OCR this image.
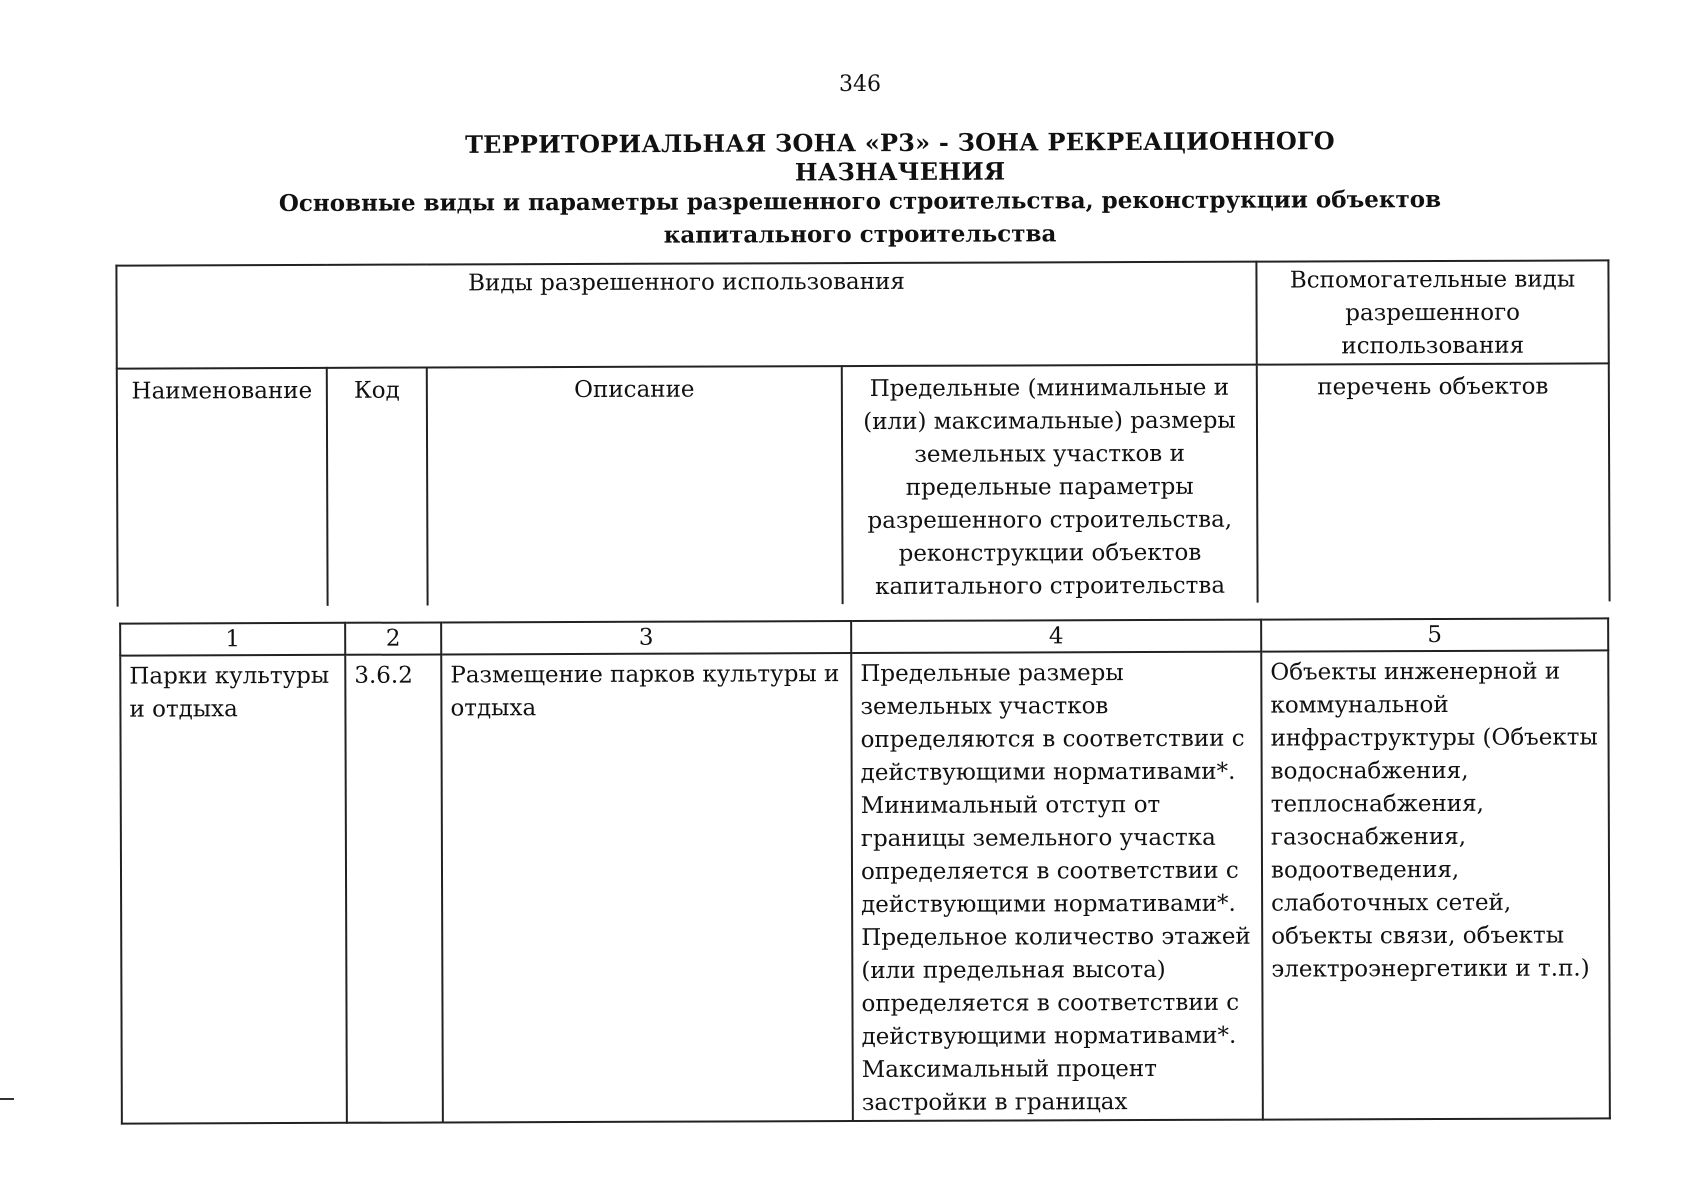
346
ТЕРРИТОРИАЛЬНАЯ ЗОНА «Р3» - ЗОНА РЕКРЕАЦИОННОГО НАЗНАЧЕНИЯ
Основные виды и параметры разрешенного строительства, реконструкции объектов капитального строительства
Виды разрешенного использования				Вспомогательные виды разрешенного использования
Наименование	Код	Описание	Предельные (минимальные и (или) максимальные) размеры земельных участков и предельные параметры разрешенного строительства, реконструкции объектов капитального строительства	перечень объектов
1	2	3	4	5
Парки культуры и отдыха	3.6.2	Размещение парков культуры и отдыха	Предельные размеры земельных участков определяются в соответствии с действующими нормативами*. Минимальный отступ от границы земельного участка определяется в соответствии с действующими нормативами*. Предельное количество этажей (или предельная высота) определяется в соответствии с действующими нормативами*. Максимальный процент застройки в границах	Объекты инженерной и коммунальной инфраструктуры (Объекты водоснабжения, теплоснабжения, газоснабжения, водоотведения, слаботочных сетей, объекты связи, объекты электроэнергетики и т.п.)
